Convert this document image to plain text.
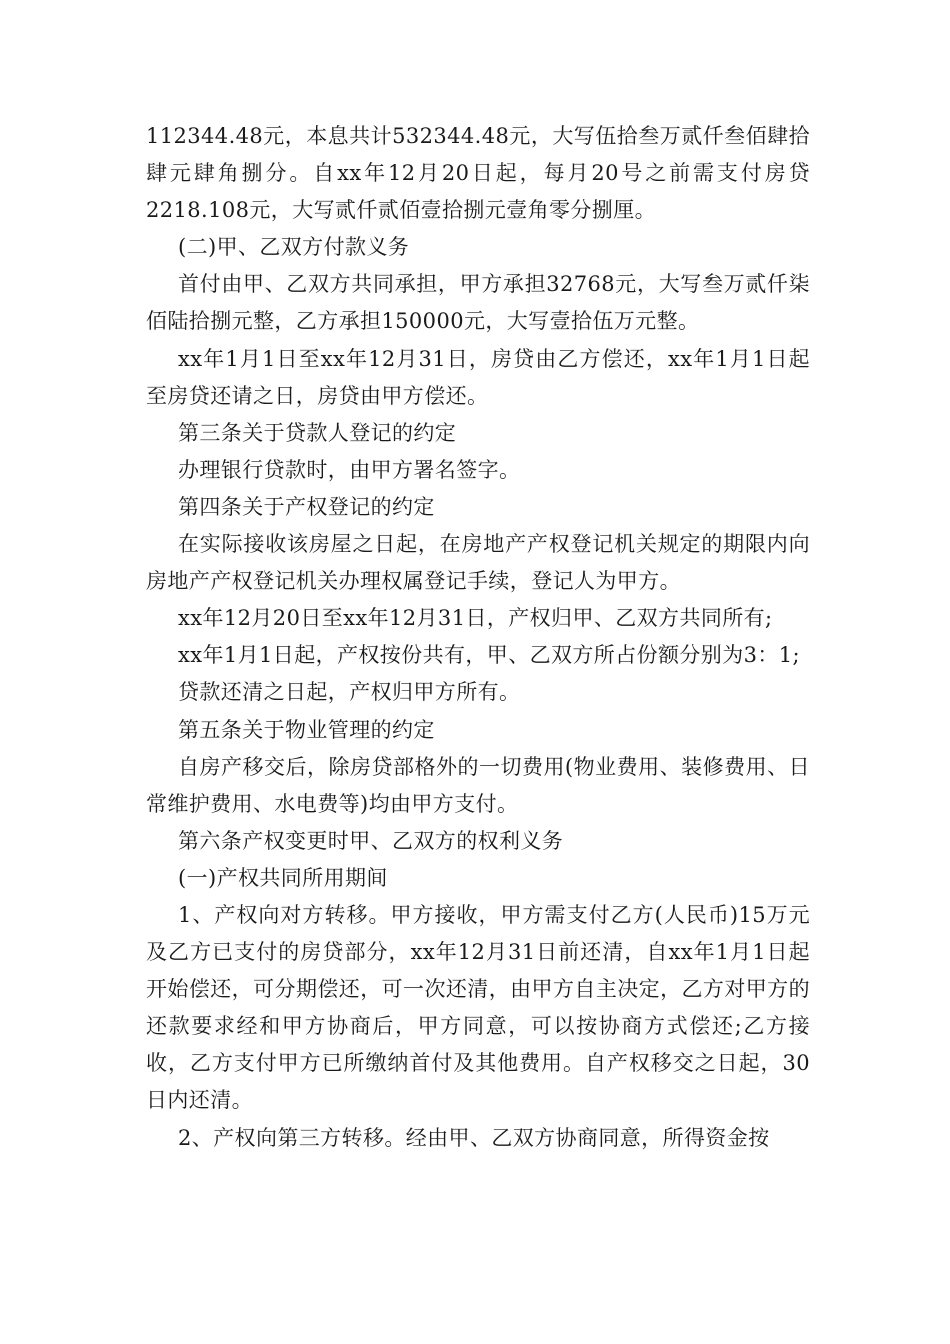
112344.48元，本息共计532344.48元，大写伍拾叁万贰仟叁佰肆拾肆元肆角捌分。自xx年12月20日起，每月20号之前需支付房贷2218.108元，大写贰仟贰佰壹拾捌元壹角零分捌厘。

(二)甲、乙双方付款义务

首付由甲、乙双方共同承担，甲方承担32768元，大写叁万贰仟柒佰陆拾捌元整，乙方承担150000元，大写壹拾伍万元整。

xx年1月1日至xx年12月31日，房贷由乙方偿还，xx年1月1日起至房贷还请之日，房贷由甲方偿还。

第三条关于贷款人登记的约定

办理银行贷款时，由甲方署名签字。

第四条关于产权登记的约定

在实际接收该房屋之日起，在房地产产权登记机关规定的期限内向房地产产权登记机关办理权属登记手续，登记人为甲方。

xx年12月20日至xx年12月31日，产权归甲、乙双方共同所有;

xx年1月1日起，产权按份共有，甲、乙双方所占份额分别为3：1;

贷款还清之日起，产权归甲方所有。

第五条关于物业管理的约定

自房产移交后，除房贷部格外的一切费用(物业费用、装修费用、日常维护费用、水电费等)均由甲方支付。

第六条产权变更时甲、乙双方的权利义务

(一)产权共同所用期间

1、产权向对方转移。甲方接收，甲方需支付乙方(人民币)15万元及乙方已支付的房贷部分，xx年12月31日前还清，自xx年1月1日起开始偿还，可分期偿还，可一次还清，由甲方自主决定，乙方对甲方的还款要求经和甲方协商后，甲方同意，可以按协商方式偿还;乙方接收，乙方支付甲方已所缴纳首付及其他费用。自产权移交之日起，30日内还清。

2、产权向第三方转移。经由甲、乙双方协商同意，所得资金按
